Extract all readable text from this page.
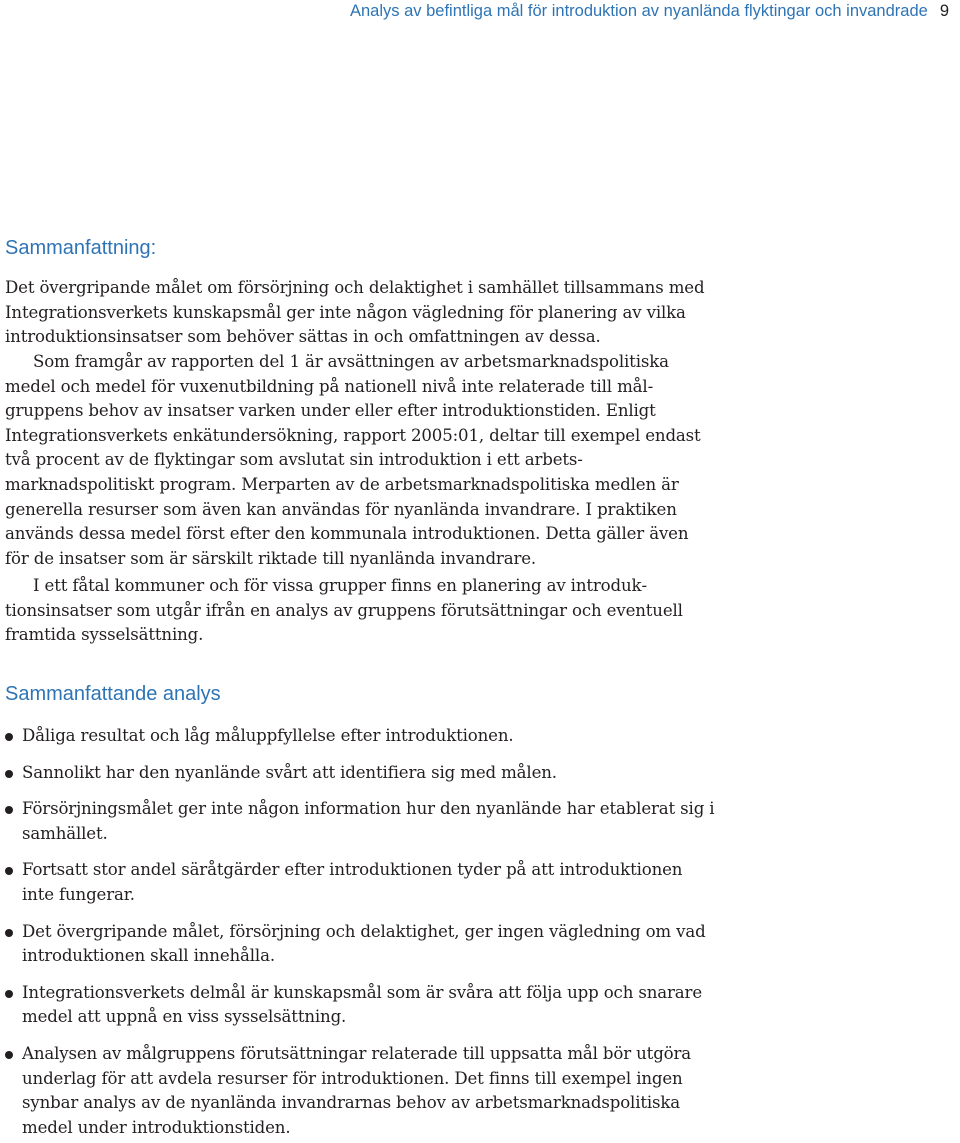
Analys av befintliga mål för introduktion av nyanlända flyktingar och invandrade 9
Sammanfattning:

Det övergripande målet om försörjning och delaktighet i samhället tillsammans med Integrationsverkets kunskapsmål ger inte någon vägledning för planering av vilka introduktionsinsatser som behöver sättas in och omfattningen av dessa.

Som framgår av rapporten del 1 är avsättningen av arbetsmarknadspolitiska medel och medel för vuxenutbildning på nationell nivå inte relaterade till målgruppens behov av insatser varken under eller efter introduktionstiden. Enligt Integrationsverkets enkätundersökning, rapport 2005:01, deltar till exempel endast två procent av de flyktingar som avslutat sin introduktion i ett arbetsmarknadspolitiskt program. Merparten av de arbetsmarknadspolitiska medlen är generella resurser som även kan användas för nyanlända invandrare. I praktiken används dessa medel först efter den kommunala introduktionen. Detta gäller även för de insatser som är särskilt riktade till nyanlända invandrare.

I ett fåtal kommuner och för vissa grupper finns en planering av introduktionsinsatser som utgår ifrån en analys av gruppens förutsättningar och eventuell framtida sysselsättning.

Sammanfattande analys
Dåliga resultat och låg måluppfyllelse efter introduktionen.
Sannolikt har den nyanlände svårt att identifiera sig med målen.
Försörjningsmålet ger inte någon information hur den nyanlände har etablerat sig i samhället.
Fortsatt stor andel säråtgärder efter introduktionen tyder på att introduktionen inte fungerar.
Det övergripande målet, försörjning och delaktighet, ger ingen vägledning om vad introduktionen skall innehålla.
Integrationsverkets delmål är kunskapsmål som är svåra att följa upp och snarare medel att uppnå en viss sysselsättning.
Analysen av målgruppens förutsättningar relaterade till uppsatta mål bör utgöra underlag för att avdela resurser för introduktionen. Det finns till exempel ingen synbar analys av de nyanlända invandrarnas behov av arbetsmarknadspolitiska medel under introduktionstiden.
